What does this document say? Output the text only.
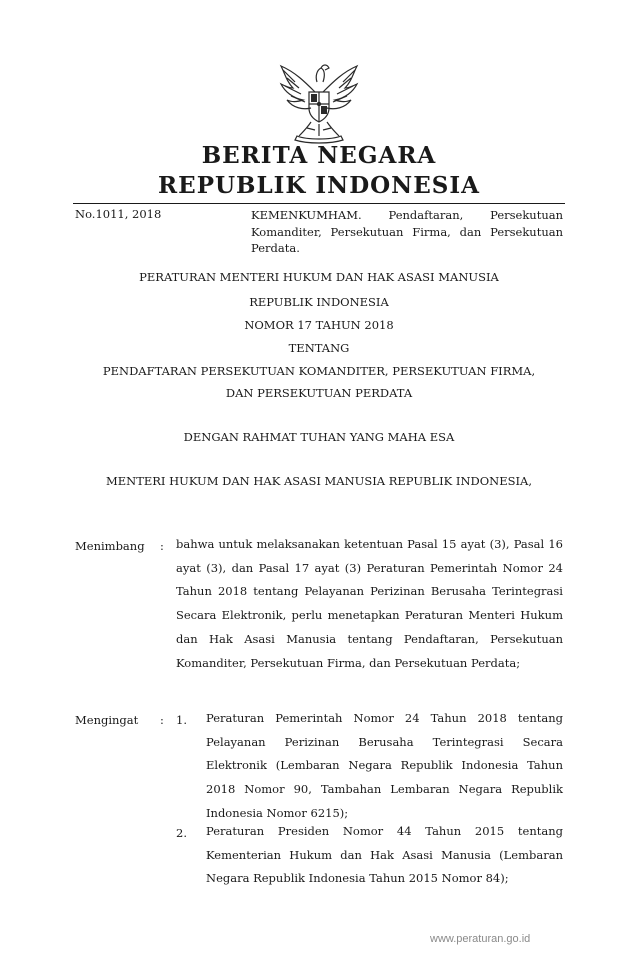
BERITA NEGARA
REPUBLIK INDONESIA
No.1011, 2018	KEMENKUMHAM. Pendaftaran, Persekutuan Komanditer, Persekutuan Firma, dan Persekutuan Perdata.
PERATURAN MENTERI HUKUM DAN HAK ASASI MANUSIA
REPUBLIK INDONESIA
NOMOR 17 TAHUN 2018
TENTANG
PENDAFTARAN PERSEKUTUAN KOMANDITER, PERSEKUTUAN FIRMA,
DAN PERSEKUTUAN PERDATA
DENGAN RAHMAT TUHAN YANG MAHA ESA
MENTERI HUKUM DAN HAK ASASI MANUSIA REPUBLIK INDONESIA,
Menimbang : bahwa untuk melaksanakan ketentuan Pasal 15 ayat (3), Pasal 16 ayat (3), dan Pasal 17 ayat (3) Peraturan Pemerintah Nomor 24 Tahun 2018 tentang Pelayanan Perizinan Berusaha Terintegrasi Secara Elektronik, perlu menetapkan Peraturan Menteri Hukum dan Hak Asasi Manusia tentang Pendaftaran, Persekutuan Komanditer, Persekutuan Firma, dan Persekutuan Perdata;
Mengingat : 1. Peraturan Pemerintah Nomor 24 Tahun 2018 tentang Pelayanan Perizinan Berusaha Terintegrasi Secara Elektronik (Lembaran Negara Republik Indonesia Tahun 2018 Nomor 90, Tambahan Lembaran Negara Republik Indonesia Nomor 6215);
2. Peraturan Presiden Nomor 44 Tahun 2015 tentang Kementerian Hukum dan Hak Asasi Manusia (Lembaran Negara Republik Indonesia Tahun 2015 Nomor 84);
www.peraturan.go.id
